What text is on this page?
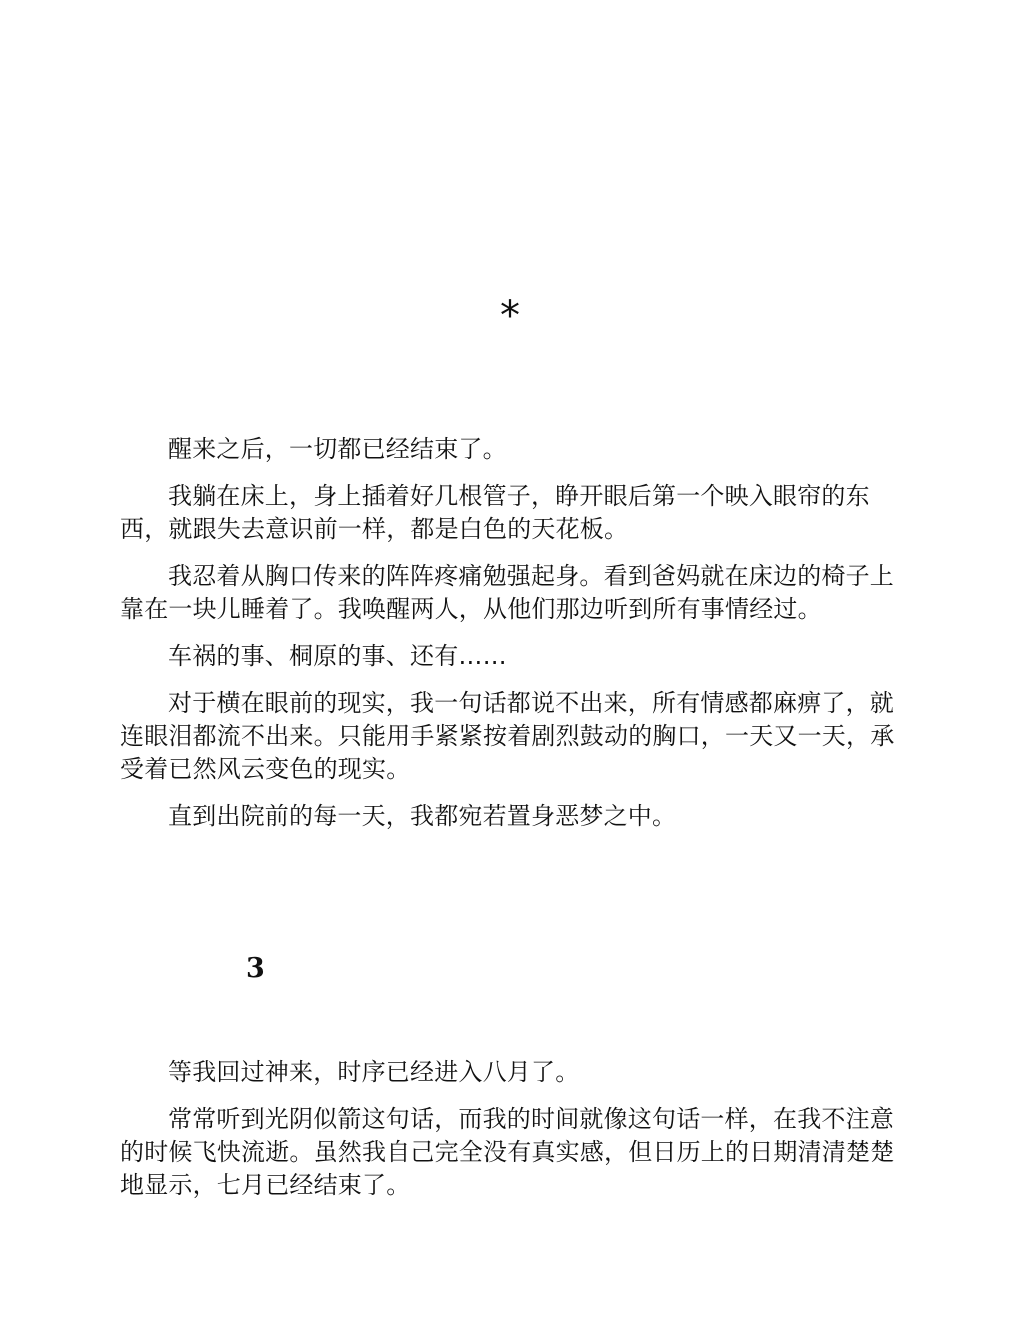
*

醒来之后，一切都已经结束了。

我躺在床上，身上插着好几根管子，睁开眼后第一个映入眼帘的东西，就跟失去意识前一样，都是白色的天花板。

我忍着从胸口传来的阵阵疼痛勉强起身。看到爸妈就在床边的椅子上靠在一块儿睡着了。我唤醒两人，从他们那边听到所有事情经过。

车祸的事、桐原的事、还有……

对于横在眼前的现实，我一句话都说不出来，所有情感都麻痹了，就连眼泪都流不出来。只能用手紧紧按着剧烈鼓动的胸口，一天又一天，承受着已然风云变色的现实。

直到出院前的每一天，我都宛若置身恶梦之中。

3

等我回过神来，时序已经进入八月了。

常常听到光阴似箭这句话，而我的时间就像这句话一样，在我不注意的时候飞快流逝。虽然我自己完全没有真实感，但日历上的日期清清楚楚地显示，七月已经结束了。
